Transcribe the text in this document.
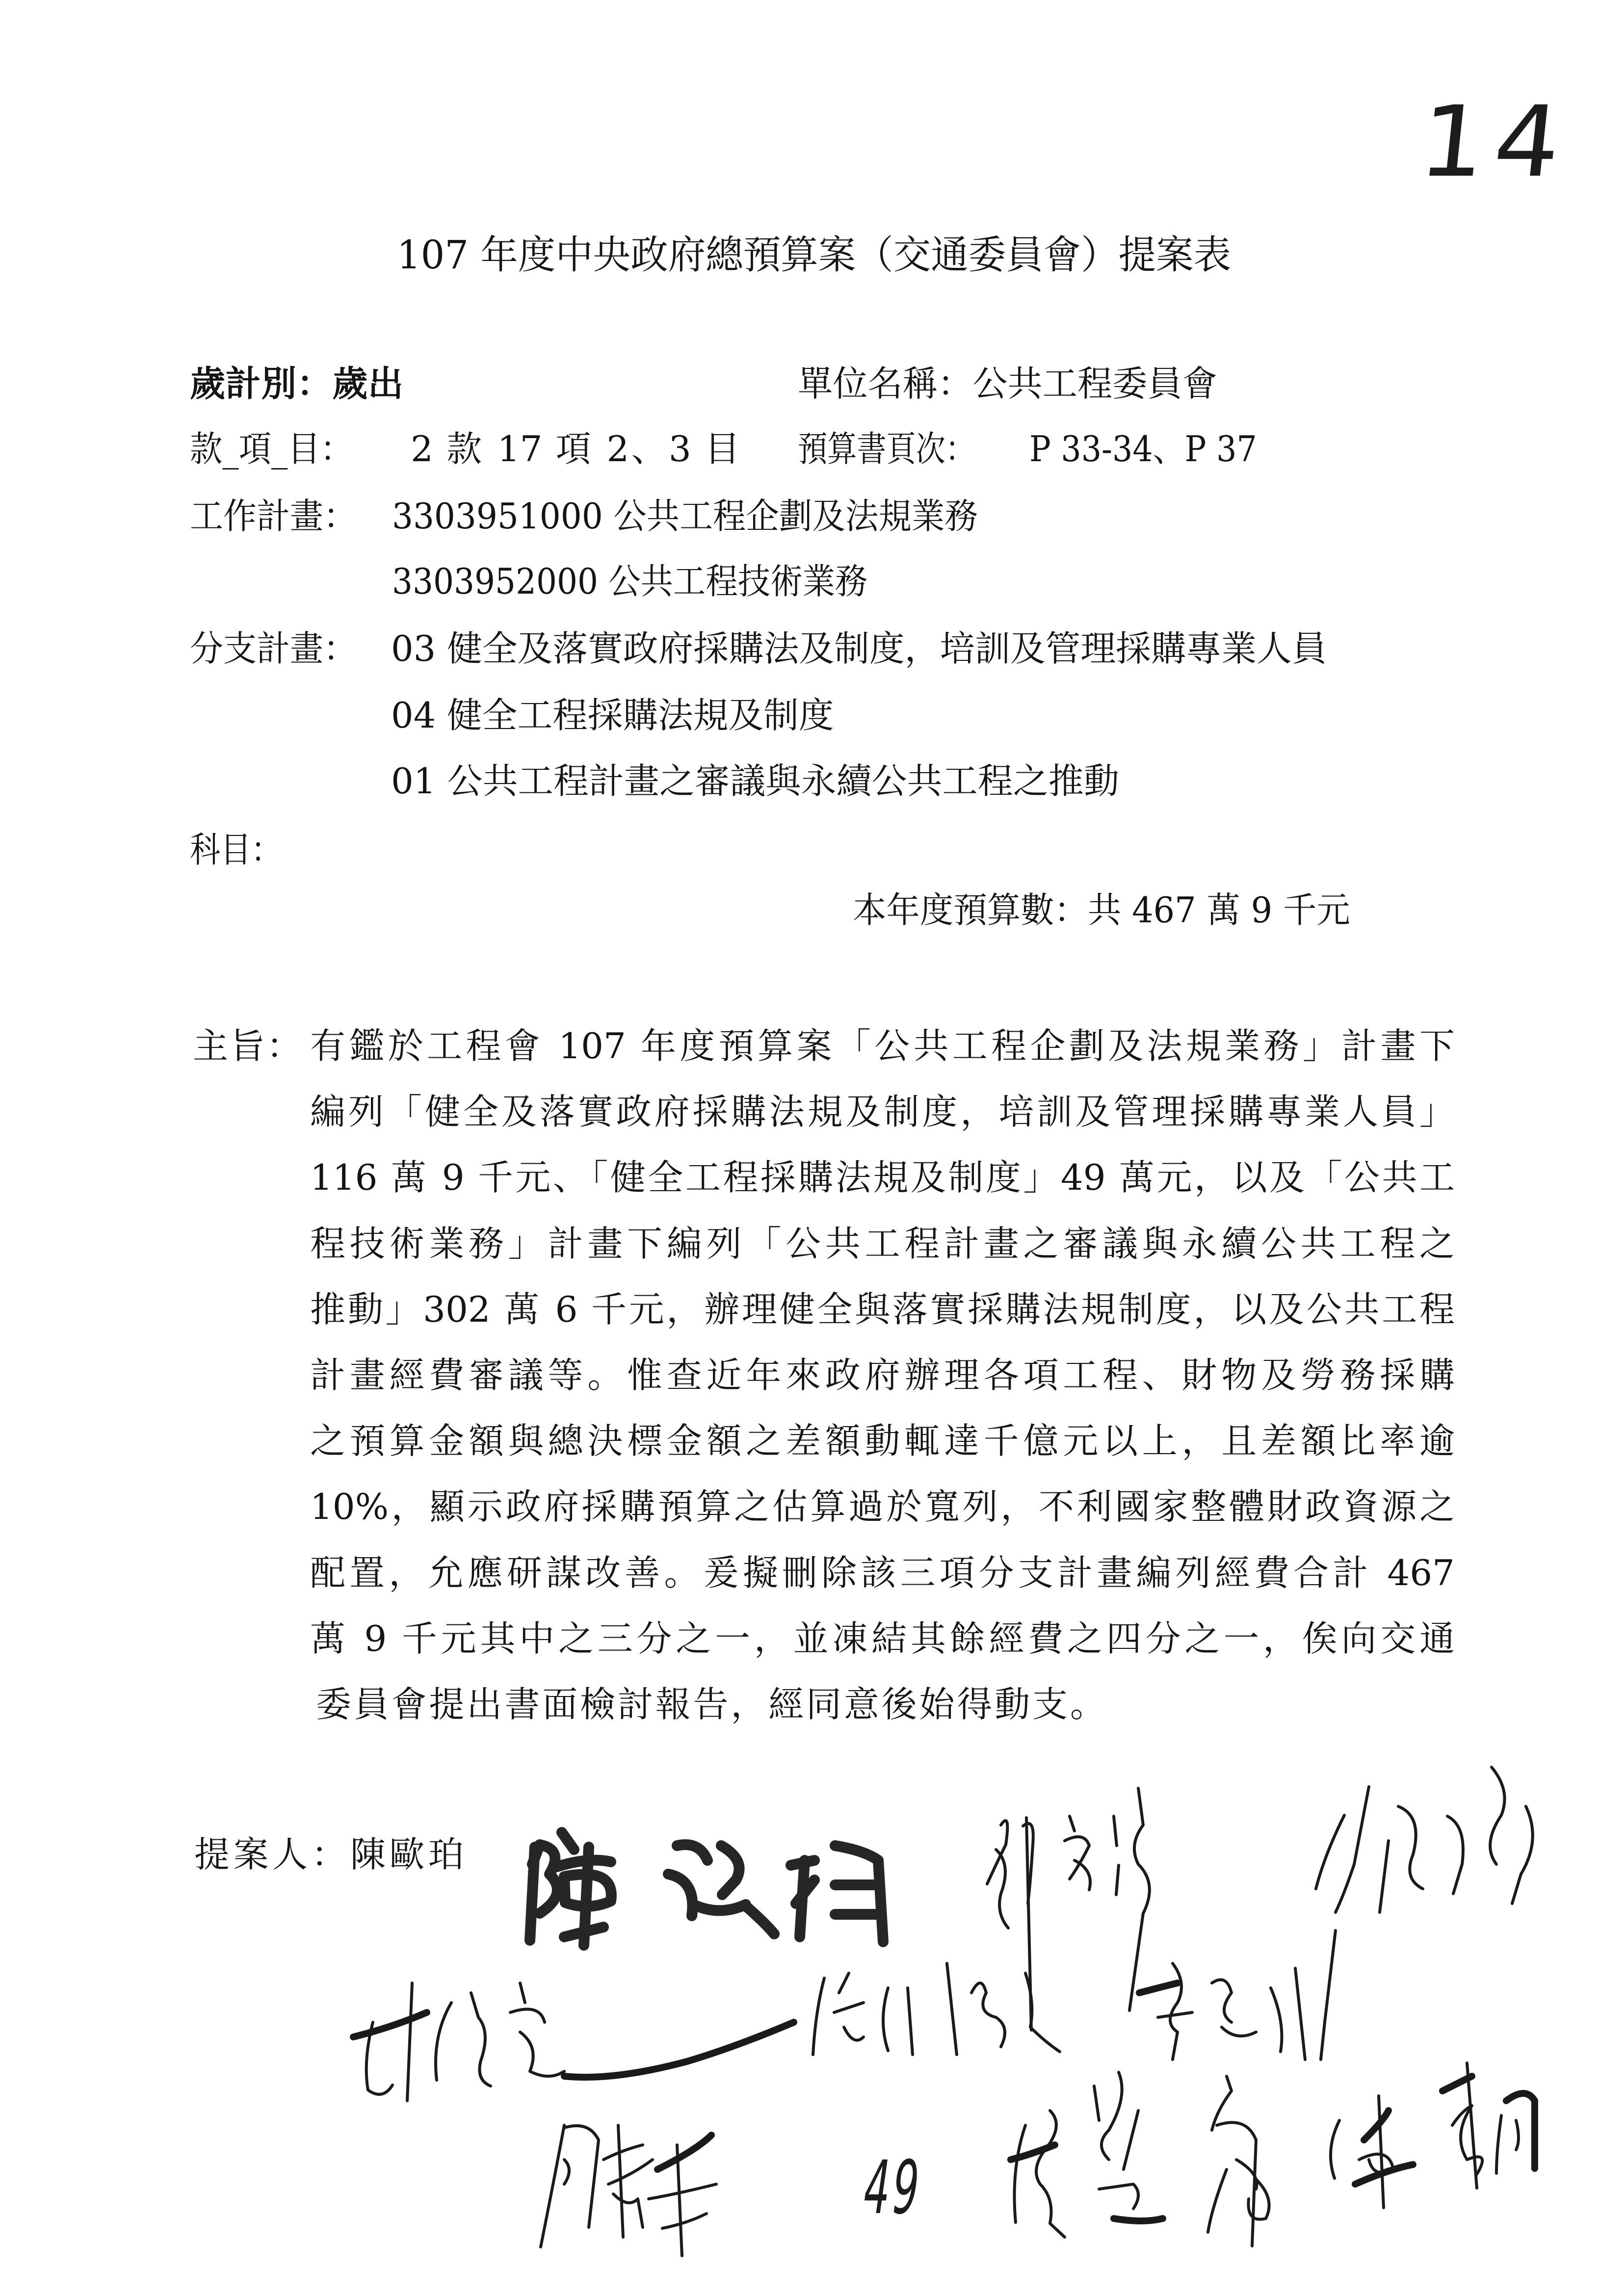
14
107 年度中央政府總預算案（交通委員會）提案表
歲計別：歲出	單位名稱：公共工程委員會
款_項_目： 2 款 17 項 2、3 目 預算書頁次： P 33-34、P 37
工作計畫： 3303951000 公共工程企劃及法規業務
3303952000 公共工程技術業務
分支計畫： 03 健全及落實政府採購法及制度，培訓及管理採購專業人員
04 健全工程採購法規及制度
01 公共工程計畫之審議與永續公共工程之推動
科目：
本年度預算數：共 467 萬 9 千元
主旨： 有鑑於工程會 107 年度預算案「公共工程企劃及法規業務」計畫下
編列「健全及落實政府採購法規及制度，培訓及管理採購專業人員」
116 萬 9 千元、「健全工程採購法規及制度」49 萬元，以及「公共工
程技術業務」計畫下編列「公共工程計畫之審議與永續公共工程之
推動」302 萬 6 千元，辦理健全與落實採購法規制度，以及公共工程
計畫經費審議等。惟查近年來政府辦理各項工程、財物及勞務採購
之預算金額與總決標金額之差額動輒達千億元以上，且差額比率逾
10%，顯示政府採購預算之估算過於寬列，不利國家整體財政資源之
配置，允應研謀改善。爰擬刪除該三項分支計畫編列經費合計 467
萬 9 千元其中之三分之一，並凍結其餘經費之四分之一，俟向交通
委員會提出書面檢討報告，經同意後始得動支。
提案人：陳歐珀
49
